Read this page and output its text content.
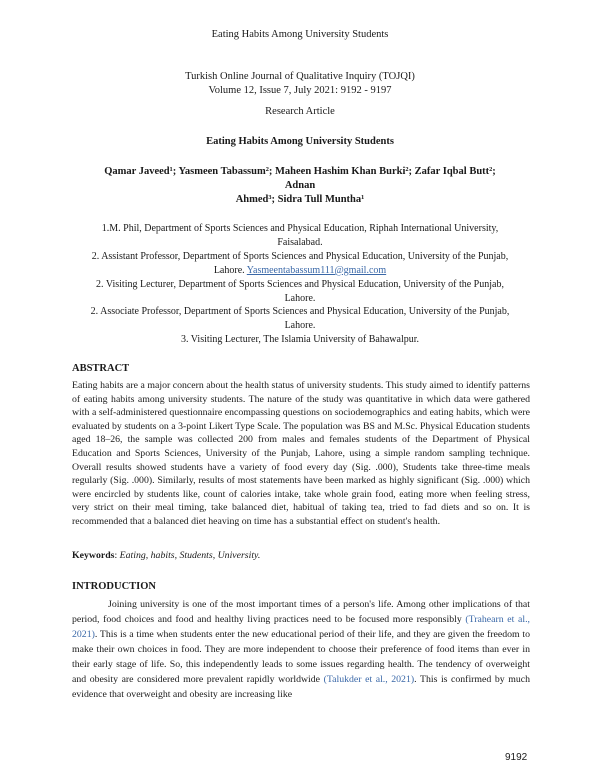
Eating Habits Among University Students
Turkish Online Journal of Qualitative Inquiry (TOJQI)
Volume 12, Issue 7, July 2021: 9192 - 9197
Research Article
Eating Habits Among University Students
Qamar Javeed¹; Yasmeen Tabassum²; Maheen Hashim Khan Burki²; Zafar Iqbal Butt²; Adnan
Ahmed³; Sidra Tull Muntha¹

1.M. Phil, Department of Sports Sciences and Physical Education, Riphah International University, Faisalabad.

2. Assistant Professor, Department of Sports Sciences and Physical Education, University of the Punjab, Lahore. Yasmeentabassum111@gmail.com

2. Visiting Lecturer, Department of Sports Sciences and Physical Education, University of the Punjab, Lahore.

2. Associate Professor, Department of Sports Sciences and Physical Education, University of the Punjab, Lahore.

3. Visiting Lecturer, The Islamia University of Bahawalpur.

ABSTRACT

Eating habits are a major concern about the health status of university students. This study aimed to identify patterns of eating habits among university students. The nature of the study was quantitative in which data were gathered with a self-administered questionnaire encompassing questions on sociodemographics and eating habits, which were evaluated by students on a 3-point Likert Type Scale. The population was BS and M.Sc. Physical Education students aged 18–26, the sample was collected 200 from males and females students of the Department of Physical Education and Sports Sciences, University of the Punjab, Lahore, using a simple random sampling technique. Overall results showed students have a variety of food every day (Sig. .000), Students take three-time meals regularly (Sig. .000). Similarly, results of most statements have been marked as highly significant (Sig. .000) which were encircled by students like, count of calories intake, take whole grain food, eating more when feeling stress, very strict on their meal timing, take balanced diet, habitual of taking tea, tried to fad diets and so on. It is recommended that a balanced diet heaving on time has a substantial effect on student's health.

Keywords: Eating, habits, Students, University.
INTRODUCTION

Joining university is one of the most important times of a person's life. Among other implications of that period, food choices and food and healthy living practices need to be focused more responsibly (Trahearn et al., 2021). This is a time when students enter the new educational period of their life, and they are given the freedom to make their own choices in food. They are more independent to choose their preference of food items than ever in their early stage of life. So, this independently leads to some issues regarding health. The tendency of overweight and obesity are considered more prevalent rapidly worldwide (Talukder et al., 2021). This is confirmed by much evidence that overweight and obesity are increasing like

9192
